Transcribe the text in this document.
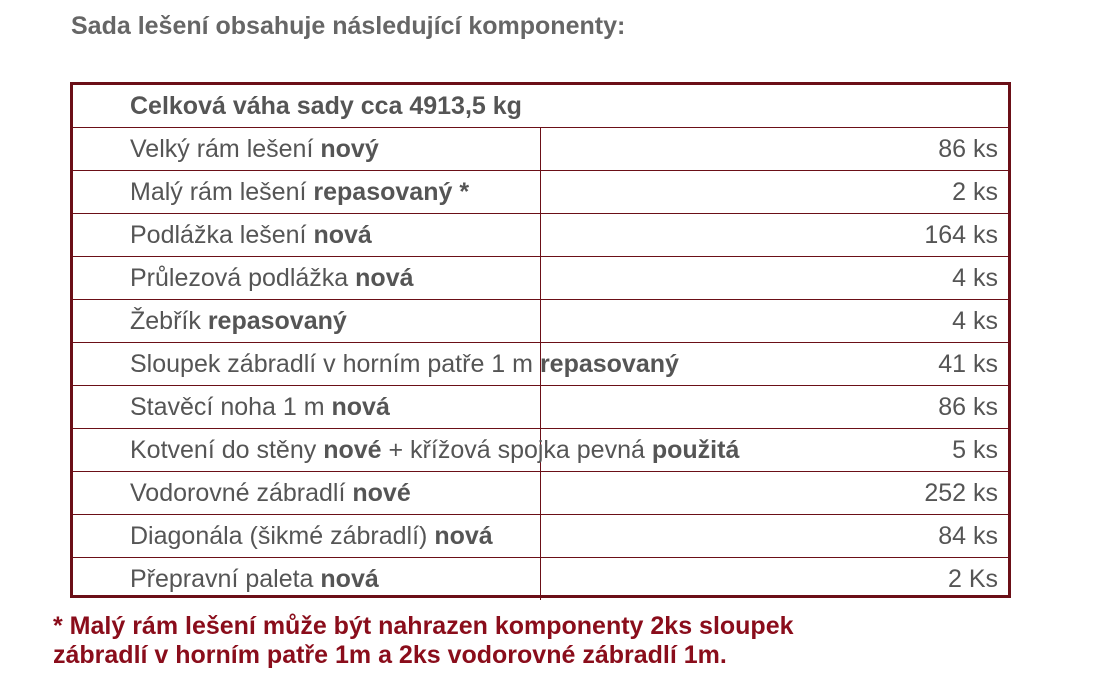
Sada lešení obsahuje následující komponenty:
Celková váha sady cca 4913,5 kg	
Velký rám lešení nový	86 ks
Malý rám lešení repasovaný *	2 ks
Podlážka lešení nová	164 ks
Průlezová podlážka nová	4 ks
Žebřík repasovaný	4 ks
Sloupek zábradlí v horním patře 1 m repasovaný	41 ks
Stavěcí noha 1 m nová	86 ks
Kotvení do stěny nové + křížová spojka pevná použitá	5 ks
Vodorovné zábradlí nové	252 ks
Diagonála (šikmé zábradlí) nová	84 ks
Přepravní paleta nová	2 Ks

* Malý rám lešení může být nahrazen komponenty 2ks sloupek
zábradlí v horním patře 1m a 2ks vodorovné zábradlí 1m.
